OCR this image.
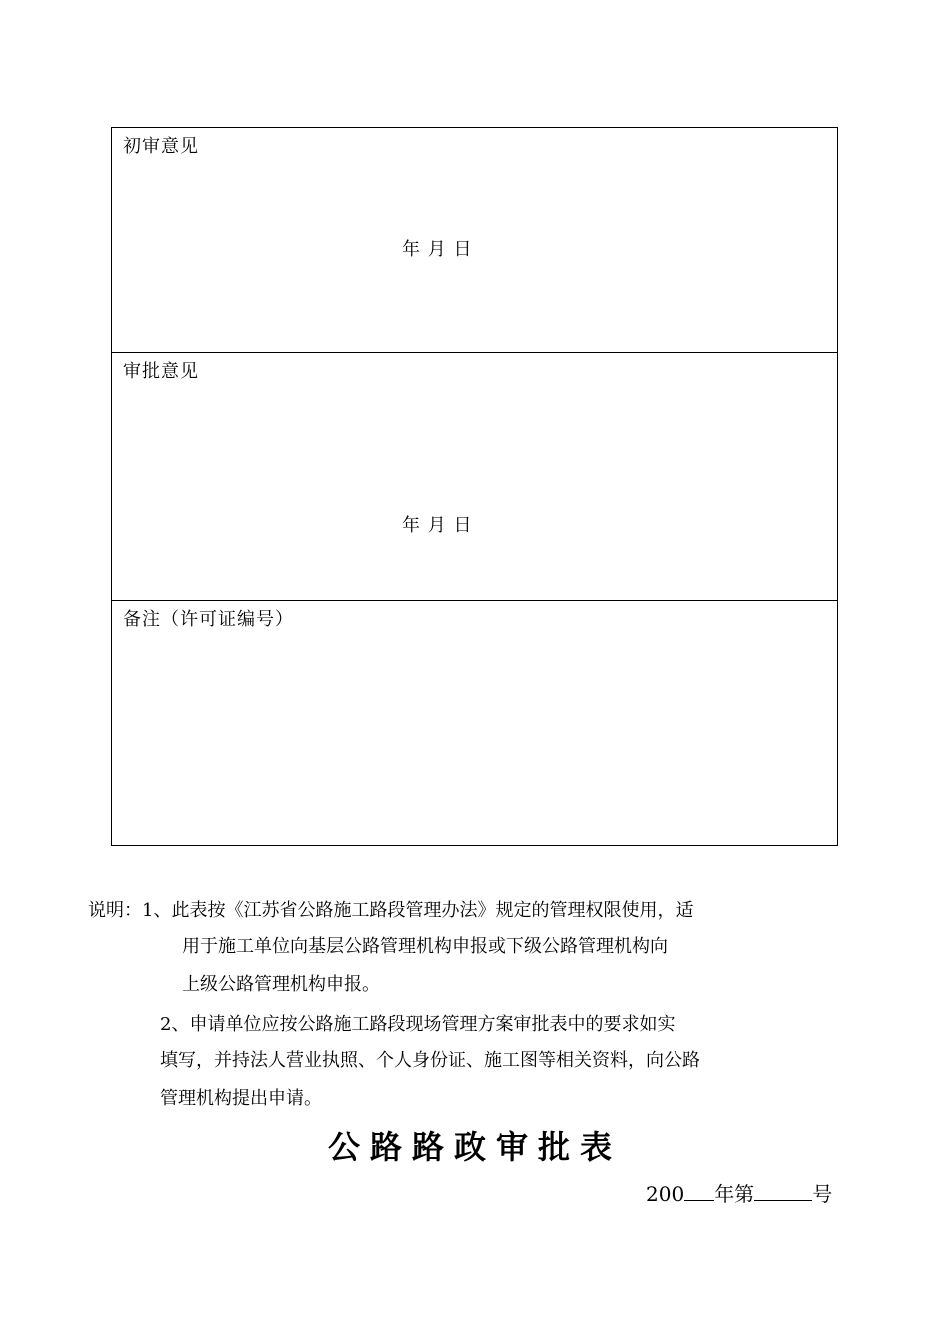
初审意见
年 月 日
审批意见
年 月 日
备注（许可证编号）
说明：1、此表按《江苏省公路施工路段管理办法》规定的管理权限使用，适
用于施工单位向基层公路管理机构申报或下级公路管理机构向
上级公路管理机构申报。
2、申请单位应按公路施工路段现场管理方案审批表中的要求如实
填写，并持法人营业执照、个人身份证、施工图等相关资料，向公路
管理机构提出申请。
公路路政审批表
200 年第	号
